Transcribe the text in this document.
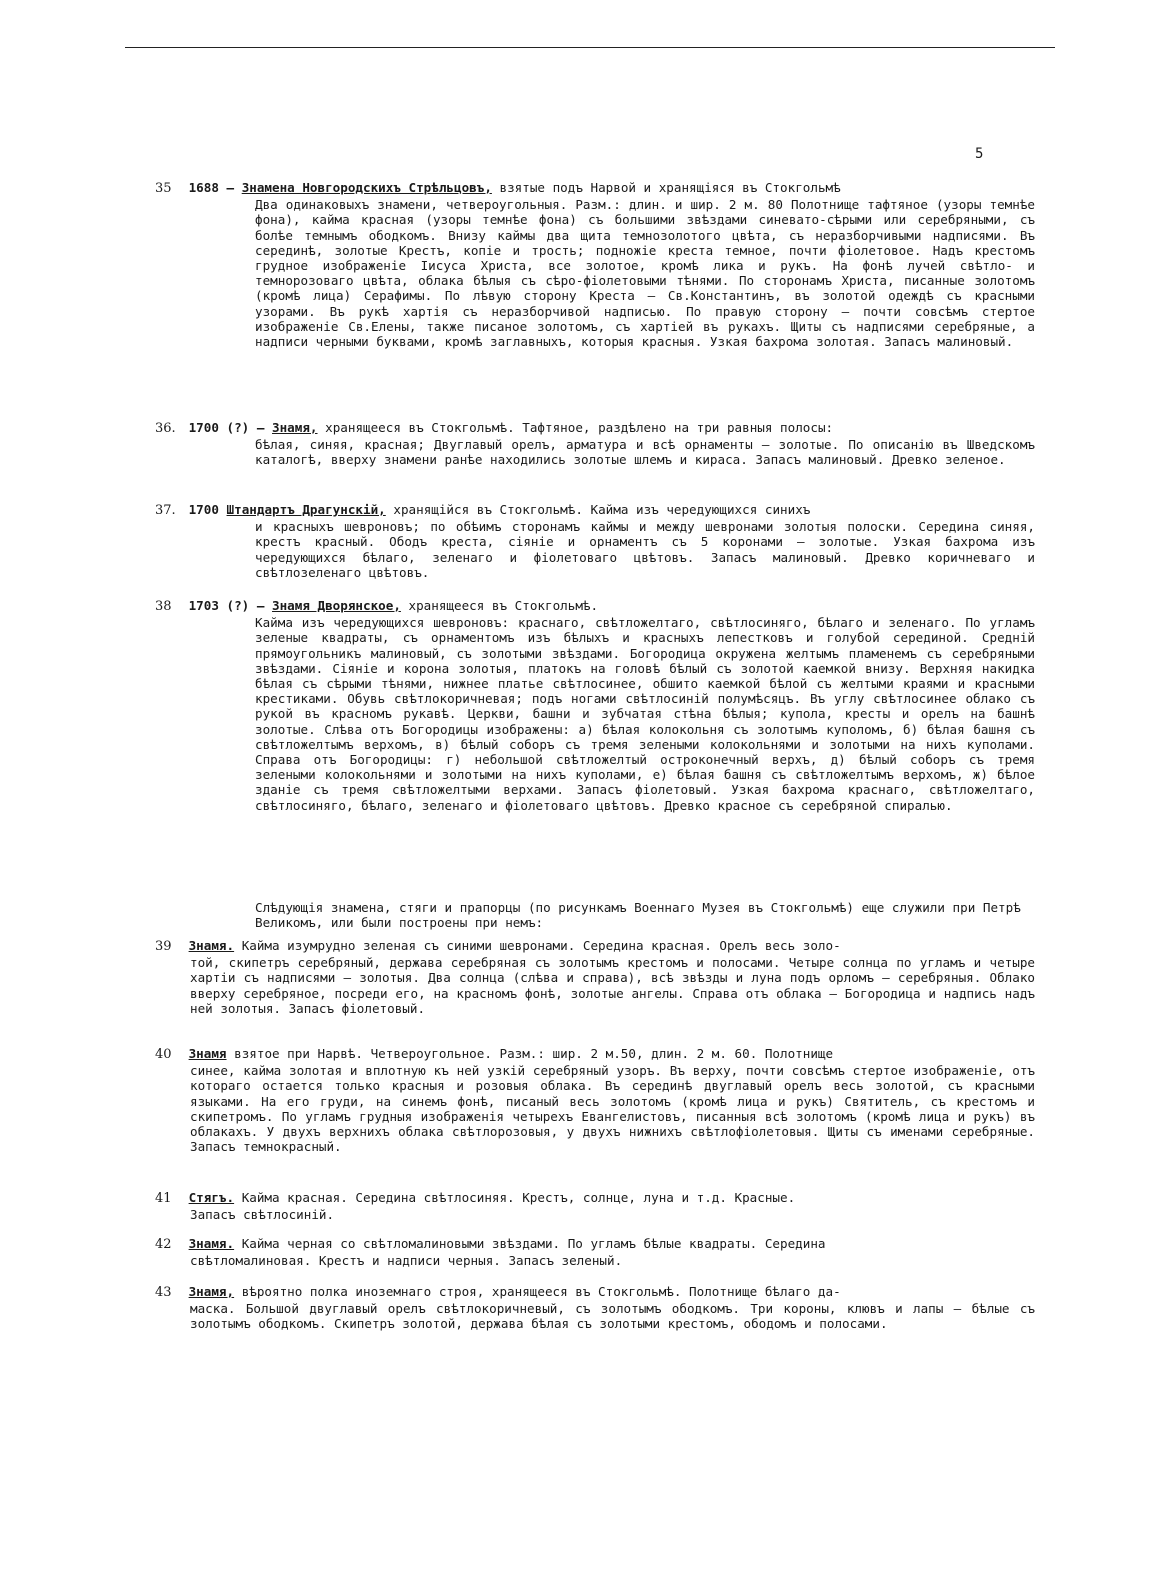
5
35 1688 – Знамена Новгородскихъ Стрѣльцовъ, взятые подъ Нарвой и хранящіяся въ Стокгольмѣ
Два одинаковыхъ знамени, четвероугольныя. Разм.: длин. и шир. 2 м. 80 Полотнище тафтяное (узоры темнѣе фона), кайма красная (узоры темнѣе фона) съ большими звѣздами синевато-сѣрыми или серебряными, съ болѣе темнымъ ободкомъ. Внизу каймы два щита темнозолотого цвѣта, съ неразборчивыми надписями. Въ серединѣ, золотые Крестъ, копіе и трость; подножіе креста темное, почти фіолетовое. Надъ крестомъ грудное изображеніе Іисуса Христа, все золотое, кромѣ лика и рукъ. На фонѣ лучей свѣтло- и темнорозоваго цвѣта, облака бѣлыя съ сѣро-фіолетовыми тѣнями. По сторонамъ Христа, писанные золотомъ (кромѣ лица) Серафимы. По лѣвую сторону Креста – Св.Константинъ, въ золотой одеждѣ съ красными узорами. Въ рукѣ хартія съ неразборчивой надписью. По правую сторону – почти совсѣмъ стертое изображеніе Св.Елены, также писаное золотомъ, съ хартіей въ рукахъ. Щиты съ надписями серебряные, а надписи черными буквами, кромѣ заглавныхъ, которыя красныя. Узкая бахрома золотая. Запасъ малиновый.
36. 1700 (?) – Знамя, хранящееся въ Стокгольмѣ. Тафтяное, раздѣлено на три равныя полосы:
бѣлая, синяя, красная; Двуглавый орелъ, арматура и всѣ орнаменты – золотые. По описанію въ Шведскомъ каталогѣ, вверху знамени ранѣе находились золотые шлемъ и кираса. Запасъ малиновый. Древко зеленое.
37. 1700 Штандартъ Драгунскій, хранящійся въ Стокгольмѣ. Кайма изъ чередующихся синихъ
и красныхъ шевроновъ; по обѣимъ сторонамъ каймы и между шевронами золотыя полоски. Середина синяя, крестъ красный. Ободъ креста, сіяніе и орнаментъ съ 5 коронами – золотые. Узкая бахрома изъ чередующихся бѣлаго, зеленаго и фіолетоваго цвѣтовъ. Запасъ малиновый. Древко коричневаго и свѣтлозеленаго цвѣтовъ.
38 1703 (?) – Знамя Дворянское, хранящееся въ Стокгольмѣ.
Кайма изъ чередующихся шевроновъ: краснаго, свѣтложелтаго, свѣтлосиняго, бѣлаго и зеленаго. По угламъ зеленые квадраты, съ орнаментомъ изъ бѣлыхъ и красныхъ лепестковъ и голубой серединой. Средній прямоугольникъ малиновый, съ золотыми звѣздами. Богородица окружена желтымъ пламенемъ съ серебряными звѣздами. Сіяніе и корона золотыя, платокъ на головѣ бѣлый съ золотой каемкой внизу. Верхняя накидка бѣлая съ сѣрыми тѣнями, нижнее платье свѣтлосинее, обшито каемкой бѣлой съ желтыми краями и красными крестиками. Обувь свѣтлокоричневая; подъ ногами свѣтлосиній полумѣсяцъ. Въ углу свѣтлосинее облако съ рукой въ красномъ рукавѣ. Церкви, башни и зубчатая стѣна бѣлыя; купола, кресты и орелъ на башнѣ золотые. Слѣва отъ Богородицы изображены: а) бѣлая колокольня съ золотымъ куполомъ, б) бѣлая башня съ свѣтложелтымъ верхомъ, в) бѣлый соборъ съ тремя зелеными колокольнями и золотыми на нихъ куполами. Справа отъ Богородицы: г) небольшой свѣтложелтый остроконечный верхъ, д) бѣлый соборъ съ тремя зелеными колокольнями и золотыми на нихъ куполами, е) бѣлая башня съ свѣтложелтымъ верхомъ, ж) бѣлое зданіе съ тремя свѣтложелтыми верхами. Запасъ фіолетовый. Узкая бахрома краснаго, свѣтложелтаго, свѣтлосиняго, бѣлаго, зеленаго и фіолетоваго цвѣтовъ. Древко красное съ серебряной спиралью.
Слѣдующія знамена, стяги и прапорцы (по рисункамъ Военнаго Музея въ Стокгольмѣ) еще служили при Петрѣ Великомъ, или были построены при немъ:
39 Знамя. Кайма изумрудно зеленая съ синими шевронами. Середина красная. Орелъ весь золо-
той, скипетръ серебряный, держава серебряная съ золотымъ крестомъ и полосами. Четыре солнца по угламъ и четыре хартіи съ надписями – золотыя. Два солнца (слѣва и справа), всѣ звѣзды и луна подъ орломъ – серебряныя. Облако вверху серебряное, посреди его, на красномъ фонѣ, золотые ангелы. Справа отъ облака – Богородица и надпись надъ ней золотыя. Запасъ фіолетовый.
40 Знамя взятое при Нарвѣ. Четвероугольное. Разм.: шир. 2 м.50, длин. 2 м. 60. Полотнище
синее, кайма золотая и вплотную къ ней узкій серебряный узоръ. Въ верху, почти совсѣмъ стертое изображеніе, отъ котораго остается только красныя и розовыя облака. Въ серединѣ двуглавый орелъ весь золотой, съ красными языками. На его груди, на синемъ фонѣ, писаный весь золотомъ (кромѣ лица и рукъ) Святитель, съ крестомъ и скипетромъ. По угламъ грудныя изображенія четырехъ Евангелистовъ, писанныя всѣ золотомъ (кромѣ лица и рукъ) въ облакахъ. У двухъ верхнихъ облака свѣтлорозовыя, у двухъ нижнихъ свѣтлофіолетовыя. Щиты съ именами серебряные. Запасъ темнокрасный.
41 Стягъ. Кайма красная. Середина свѣтлосиняя. Крестъ, солнце, луна и т.д. Красные.
Запасъ свѣтлосиній.
42 Знамя. Кайма черная со свѣтломалиновыми звѣздами. По угламъ бѣлые квадраты. Середина
свѣтломалиновая. Крестъ и надписи черныя. Запасъ зеленый.
43 Знамя, вѣроятно полка иноземнаго строя, хранящееся въ Стокгольмѣ. Полотнище бѣлаго да-
маска. Большой двуглавый орелъ свѣтлокоричневый, съ золотымъ ободкомъ. Три короны, клювъ и лапы – бѣлые съ золотымъ ободкомъ. Скипетръ золотой, держава бѣлая съ золотыми крестомъ, ободомъ и полосами.
